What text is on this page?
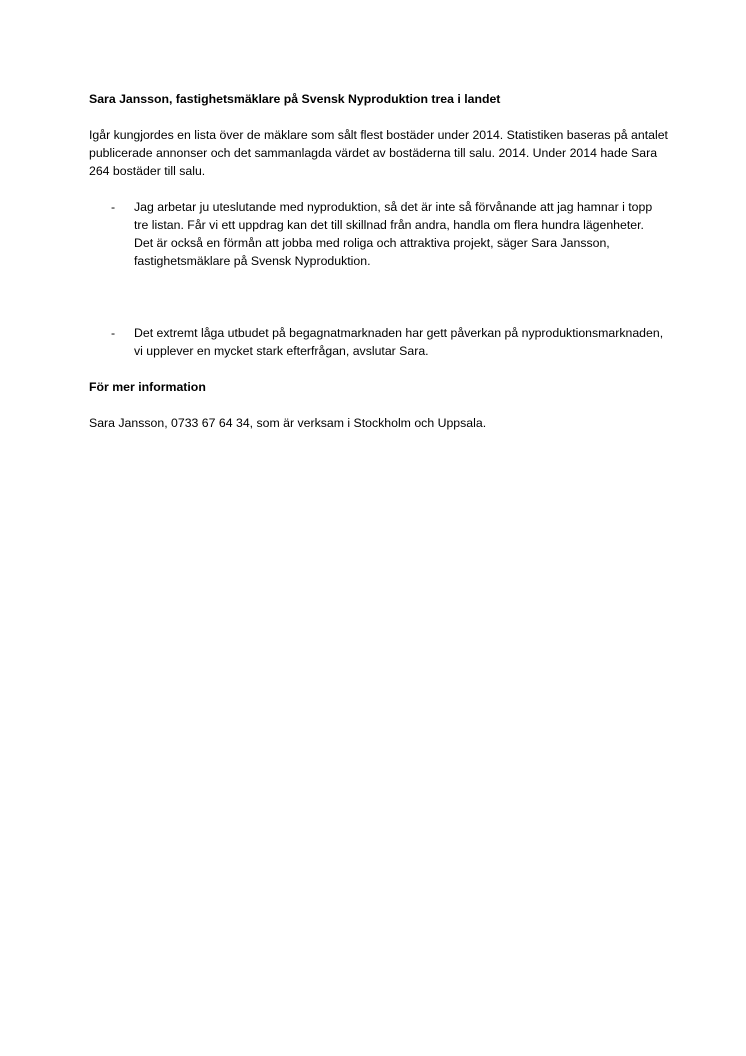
Sara Jansson, fastighetsmäklare på Svensk Nyproduktion trea i landet

Igår kungjordes en lista över de mäklare som sålt flest bostäder under 2014. Statistiken baseras på antalet publicerade annonser och det sammanlagda värdet av bostäderna till salu. 2014. Under 2014 hade Sara 264 bostäder till salu.

- Jag arbetar ju uteslutande med nyproduktion, så det är inte så förvånande att jag hamnar i topp tre listan. Får vi ett uppdrag kan det till skillnad från andra, handla om flera hundra lägenheter. Det är också en förmån att jobba med roliga och attraktiva projekt, säger Sara Jansson, fastighetsmäklare på Svensk Nyproduktion.
- Det extremt låga utbudet på begagnatmarknaden har gett påverkan på nyproduktionsmarknaden, vi upplever en mycket stark efterfrågan, avslutar Sara.

För mer information

Sara Jansson, 0733 67 64 34, som är verksam i Stockholm och Uppsala.
